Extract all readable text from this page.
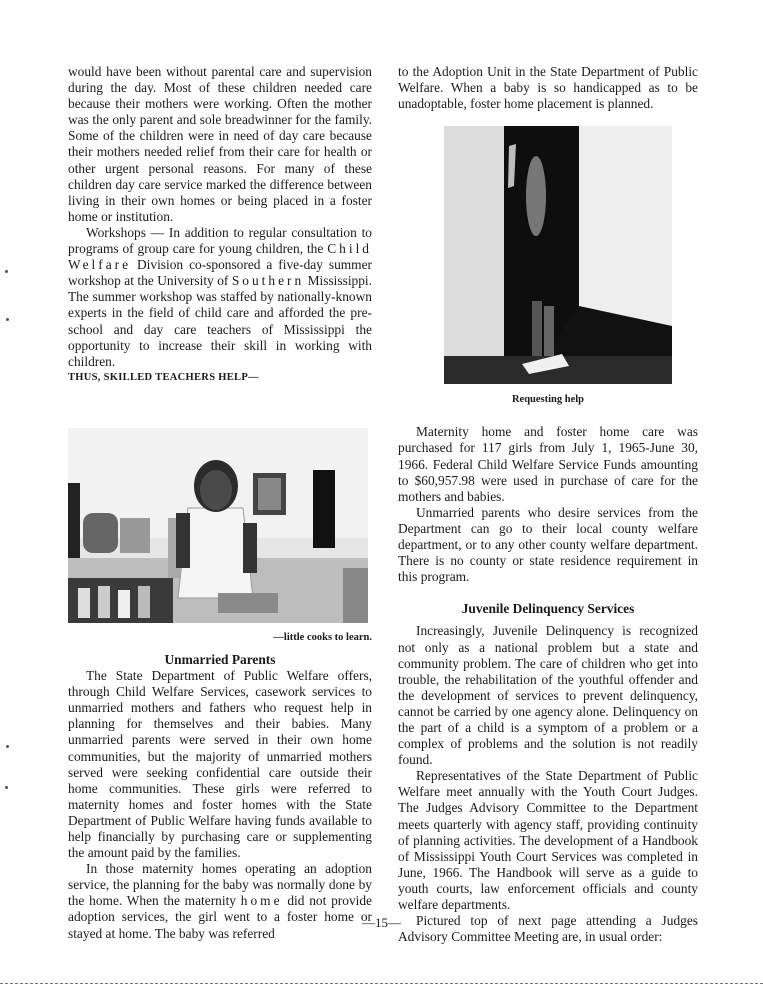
would have been without parental care and supervision during the day. Most of these children needed care because their mothers were working. Often the mother was the only parent and sole breadwinner for the family. Some of the children were in need of day care because their mothers needed relief from their care for health or other urgent personal reasons. For many of these children day care service marked the difference between living in their own homes or being placed in a foster home or institution.

Workshops — In addition to regular consultation to programs of group care for young children, the Child Welfare Division co-sponsored a five-day summer workshop at the University of Southern Mississippi. The summer workshop was staffed by nationally-known experts in the field of child care and afforded the pre-school and day care teachers of Mississippi the opportunity to increase their skill in working with children.

THUS, SKILLED TEACHERS HELP—

—little cooks to learn.

Unmarried Parents

The State Department of Public Welfare offers, through Child Welfare Services, casework services to unmarried mothers and fathers who request help in planning for themselves and their babies. Many unmarried parents were served in their own home communities, but the majority of unmarried mothers served were seeking confidential care outside their home communities. These girls were referred to maternity homes and foster homes with the State Department of Public Welfare having funds available to help financially by purchasing care or supplementing the amount paid by the families.

In those maternity homes operating an adoption service, the planning for the baby was normally done by the home. When the maternity home did not provide adoption services, the girl went to a foster home or stayed at home. The baby was referred

to the Adoption Unit in the State Department of Public Welfare. When a baby is so handicapped as to be unadoptable, foster home placement is planned.

Requesting help

Maternity home and foster home care was purchased for 117 girls from July 1, 1965-June 30, 1966. Federal Child Welfare Service Funds amounting to $60,957.98 were used in purchase of care for the mothers and babies.

Unmarried parents who desire services from the Department can go to their local county welfare department, or to any other county welfare department. There is no county or state residence requirement in this program.

Juvenile Delinquency Services

Increasingly, Juvenile Delinquency is recognized not only as a national problem but a state and community problem. The care of children who get into trouble, the rehabilitation of the youthful offender and the development of services to prevent delinquency, cannot be carried by one agency alone. Delinquency on the part of a child is a symptom of a problem or a complex of problems and the solution is not readily found.

Representatives of the State Department of Public Welfare meet annually with the Youth Court Judges. The Judges Advisory Committee to the Department meets quarterly with agency staff, providing continuity of planning activities. The development of a Handbook of Mississippi Youth Court Services was completed in June, 1966. The Handbook will serve as a guide to youth courts, law enforcement officials and county welfare departments.

Pictured top of next page attending a Judges Advisory Committee Meeting are, in usual order:

—15—
